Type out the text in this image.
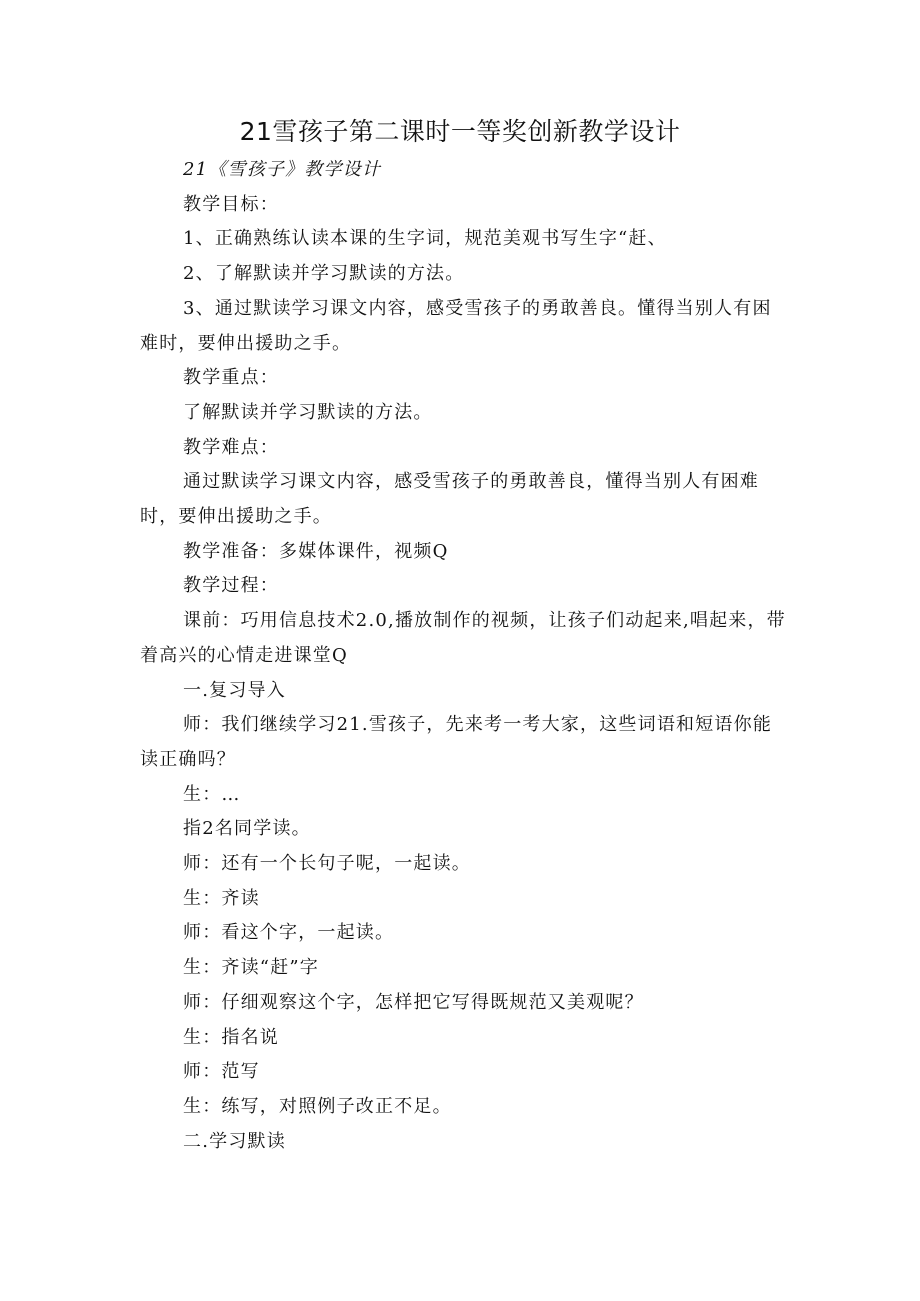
21雪孩子第二课时一等奖创新教学设计

21《雪孩子》教学设计

教学目标：

1、正确熟练认读本课的生字词，规范美观书写生字“赶、

2、了解默读并学习默读的方法。

3、通过默读学习课文内容，感受雪孩子的勇敢善良。懂得当别人有困难时，要伸出援助之手。

教学重点：

了解默读并学习默读的方法。

教学难点：

通过默读学习课文内容，感受雪孩子的勇敢善良，懂得当别人有困难时，要伸出援助之手。

教学准备：多媒体课件，视频Q

教学过程：

课前：巧用信息技术2.0,播放制作的视频，让孩子们动起来,唱起来，带着高兴的心情走进课堂Q

一.复习导入

师：我们继续学习21.雪孩子，先来考一考大家，这些词语和短语你能读正确吗？

生：…

指2名同学读。

师：还有一个长句子呢，一起读。

生：齐读

师：看这个字，一起读。

生：齐读“赶”字

师：仔细观察这个字，怎样把它写得既规范又美观呢？

生：指名说

师：范写

生：练写，对照例子改正不足。

二.学习默读
